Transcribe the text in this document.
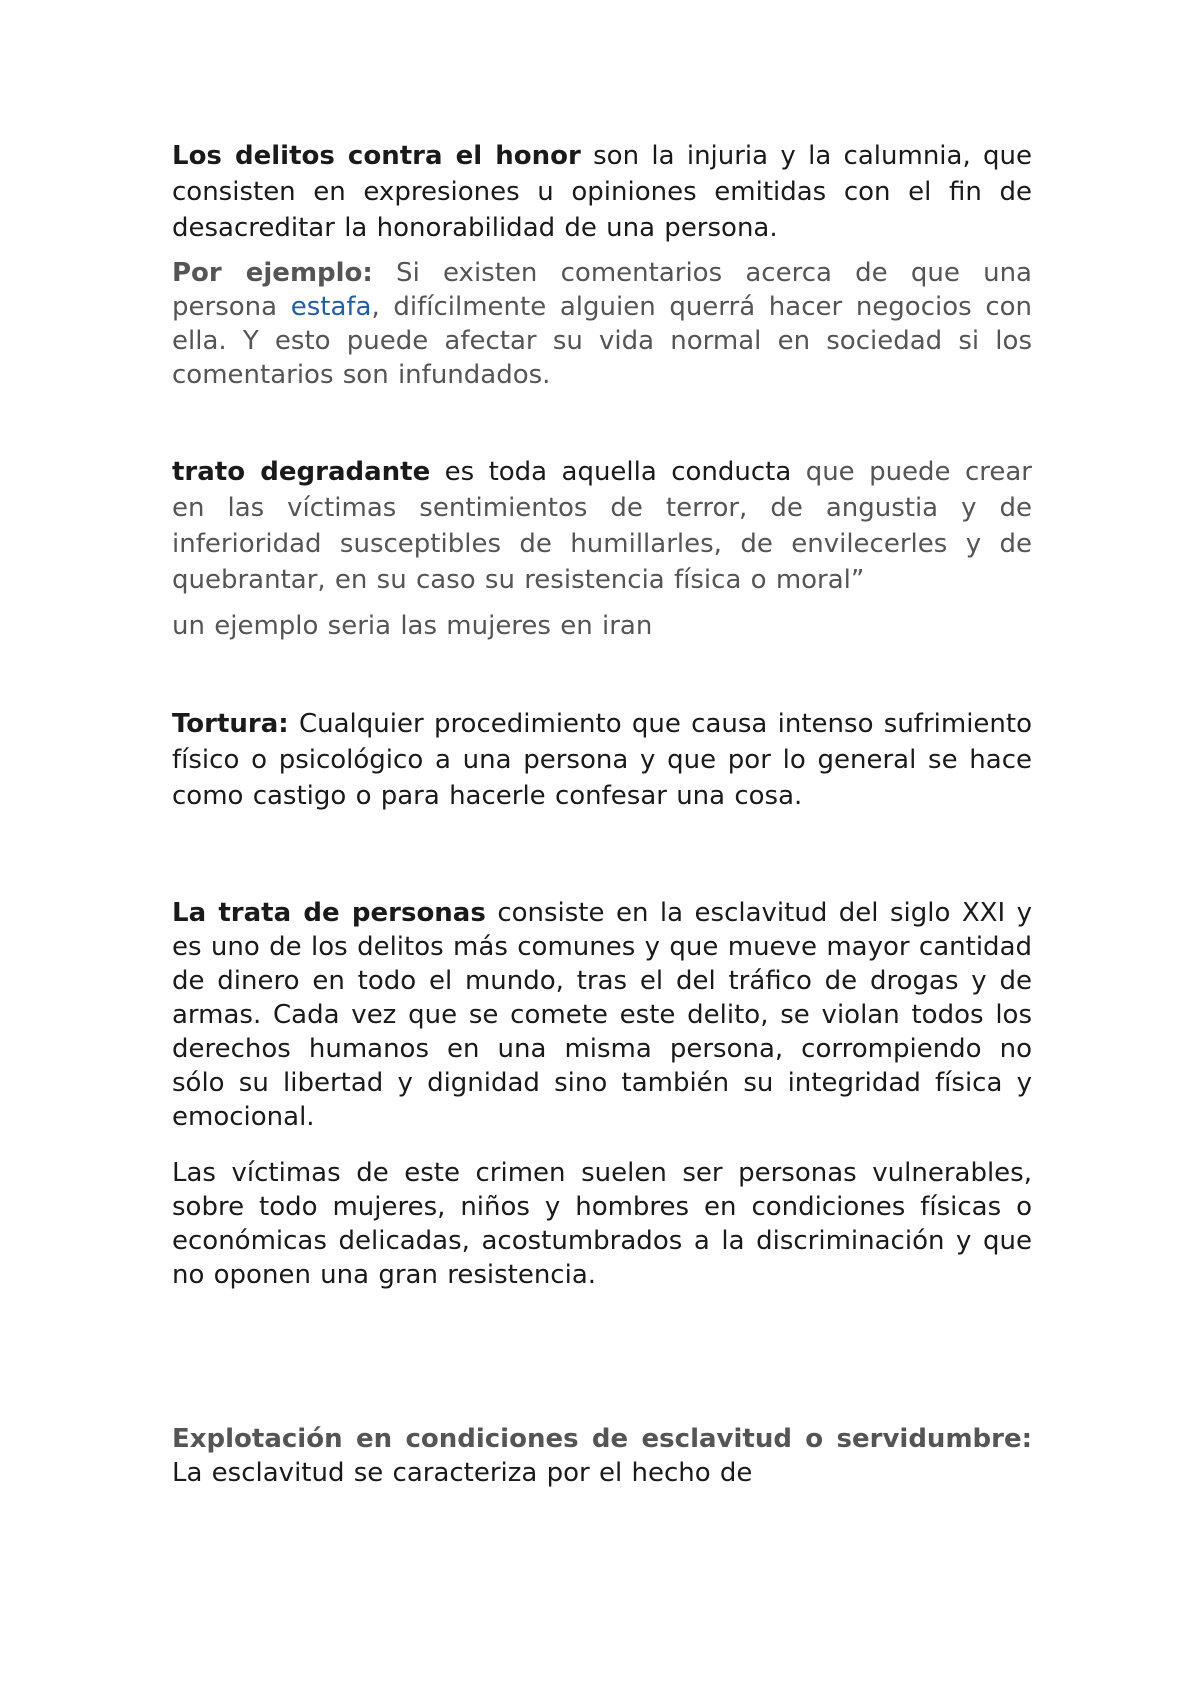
Los delitos contra el honor son la injuria y la calumnia, que consisten en expresiones u opiniones emitidas con el fin de desacreditar la honorabilidad de una persona.

Por ejemplo: Si existen comentarios acerca de que una persona estafa, difícilmente alguien querrá hacer negocios con ella. Y esto puede afectar su vida normal en sociedad si los comentarios son infundados.

trato degradante es toda aquella conducta que puede crear en las víctimas sentimientos de terror, de angustia y de inferioridad susceptibles de humillarles, de envilecerles y de quebrantar, en su caso su resistencia física o moral”

un ejemplo seria las mujeres en iran

Tortura: Cualquier procedimiento que causa intenso sufrimiento físico o psicológico a una persona y que por lo general se hace como castigo o para hacerle confesar una cosa.

La trata de personas consiste en la esclavitud del siglo XXI y es uno de los delitos más comunes y que mueve mayor cantidad de dinero en todo el mundo, tras el del tráfico de drogas y de armas. Cada vez que se comete este delito, se violan todos los derechos humanos en una misma persona, corrompiendo no sólo su libertad y dignidad sino también su integridad física y emocional.

Las víctimas de este crimen suelen ser personas vulnerables, sobre todo mujeres, niños y hombres en condiciones físicas o económicas delicadas, acostumbrados a la discriminación y que no oponen una gran resistencia.

Explotación en condiciones de esclavitud o servidumbre: La esclavitud se caracteriza por el hecho de
